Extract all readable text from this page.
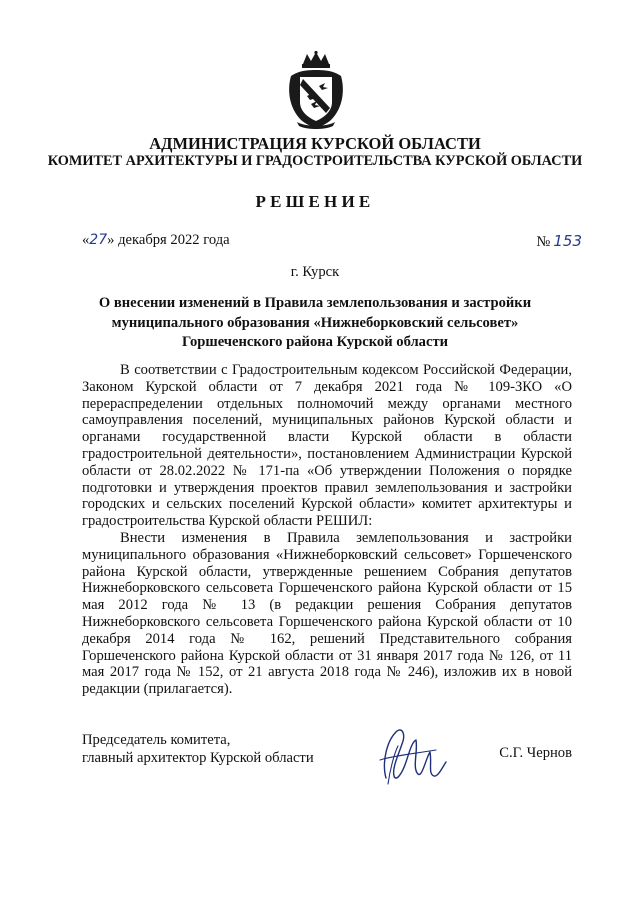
АДМИНИСТРАЦИЯ КУРСКОЙ ОБЛАСТИ
КОМИТЕТ АРХИТЕКТУРЫ И ГРАДОСТРОИТЕЛЬСТВА КУРСКОЙ ОБЛАСТИ
РЕШЕНИЕ
«27» декабря 2022 года	№ 153
г. Курск
О внесении изменений в Правила землепользования и застройки
муниципального образования «Нижнеборковский сельсовет»
Горшеченского района Курской области

В соответствии с Градостроительным кодексом Российской Федерации, Законом Курской области от 7 декабря 2021 года № 109-ЗКО «О перераспределении отдельных полномочий между органами местного самоуправления поселений, муниципальных районов Курской области и органами государственной власти Курской области в области градостроительной деятельности», постановлением Администрации Курской области от 28.02.2022 № 171-па «Об утверждении Положения о порядке подготовки и утверждения проектов правил землепользования и застройки городских и сельских поселений Курской области» комитет архитектуры и градостроительства Курской области РЕШИЛ:

Внести изменения в Правила землепользования и застройки муниципального образования «Нижнеборковский сельсовет» Горшеченского района Курской области, утвержденные решением Собрания депутатов Нижнеборковского сельсовета Горшеченского района Курской области от 15 мая 2012 года № 13 (в редакции решения Собрания депутатов Нижнеборковского сельсовета Горшеченского района Курской области от 10 декабря 2014 года № 162, решений Представительного собрания Горшеченского района Курской области от 31 января 2017 года № 126, от 11 мая 2017 года № 152, от 21 августа 2018 года № 246), изложив их в новой редакции (прилагается).

Председатель комитета,
главный архитектор Курской области	С.Г. Чернов
